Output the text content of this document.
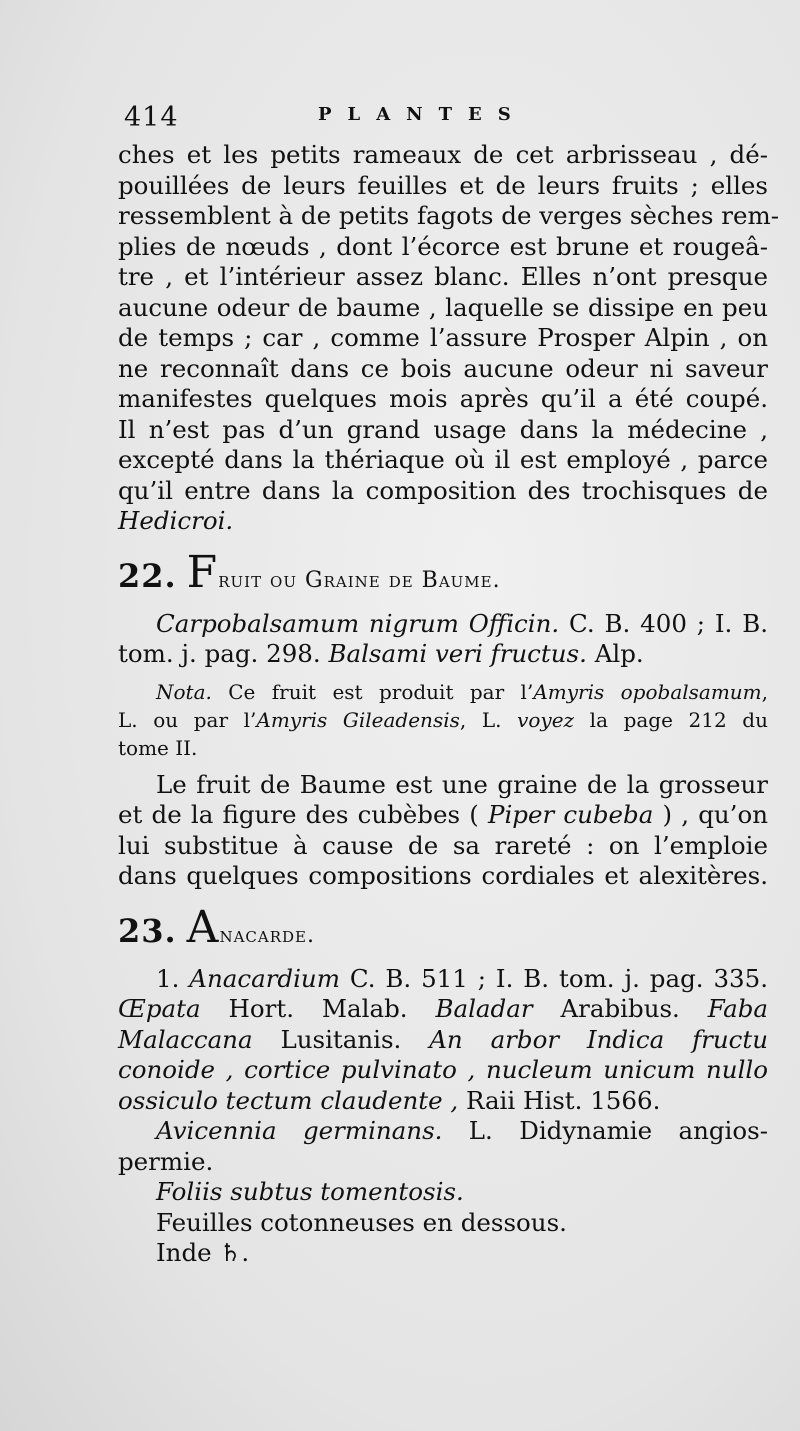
414	PLANTES
ches et les petits rameaux de cet arbrisseau , dé-
pouillées de leurs feuilles et de leurs fruits ; elles
ressemblent à de petits fagots de verges sèches rem-
plies de nœuds , dont l’écorce est brune et rougeâ-
tre , et l’intérieur assez blanc. Elles n’ont presque
aucune odeur de baume , laquelle se dissipe en peu
de temps ; car , comme l’assure Prosper Alpin , on
ne reconnaît dans ce bois aucune odeur ni saveur
manifestes quelques mois après qu’il a été coupé.
Il n’est pas d’un grand usage dans la médecine ,
excepté dans la thériaque où il est employé , parce
qu’il entre dans la composition des trochisques de
Hedicroi.
22. Fruit ou Graine de Baume.
Carpobalsamum nigrum Officin. C. B. 400 ; I. B.
tom. j. pag. 298. Balsami veri fructus. Alp.
Nota. Ce fruit est produit par l’Amyris opobalsamum,
L. ou par l’Amyris Gileadensis, L. voyez la page 212 du
tome II.
Le fruit de Baume est une graine de la grosseur
et de la figure des cubèbes ( Piper cubeba ) , qu’on
lui substitue à cause de sa rareté : on l’emploie
dans quelques compositions cordiales et alexitères.
23. Anacarde.
1. Anacardium C. B. 511 ; I. B. tom. j. pag. 335.
Œpata Hort. Malab. Baladar Arabibus. Faba
Malaccana Lusitanis. An arbor Indica fructu
conoide , cortice pulvinato , nucleum unicum nullo
ossiculo tectum claudente , Raii Hist. 1566.
Avicennia germinans. L. Didynamie angios-
permie.
Foliis subtus tomentosis.
Feuilles cotonneuses en dessous.
Inde ♄.
